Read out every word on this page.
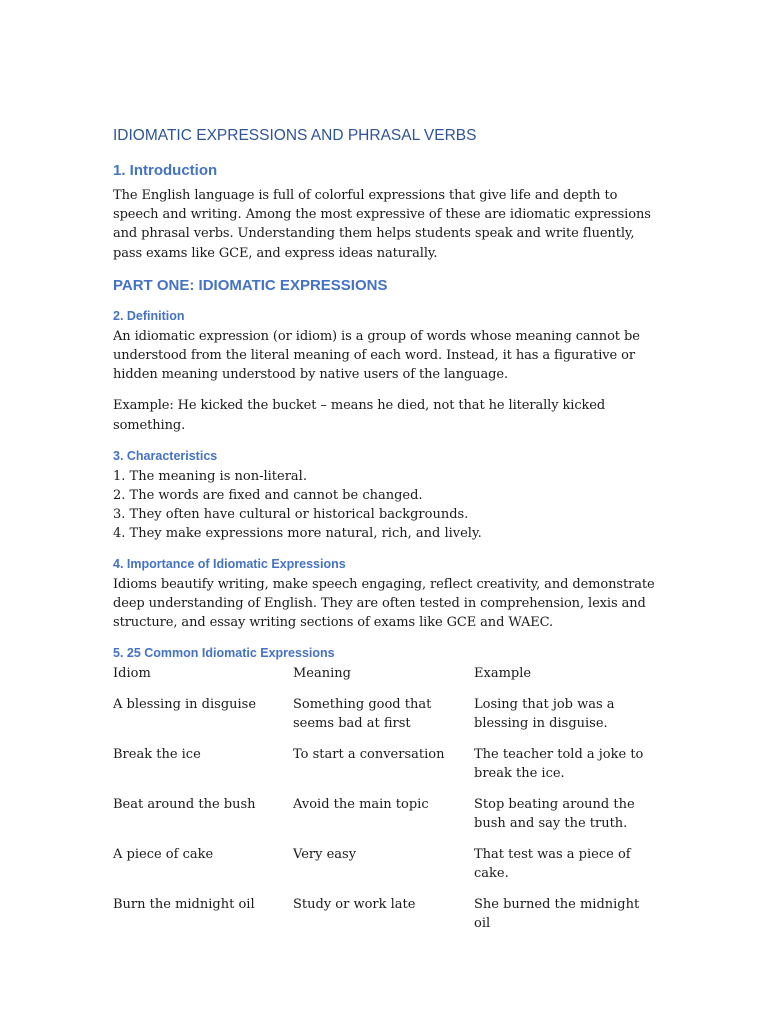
IDIOMATIC EXPRESSIONS AND PHRASAL VERBS
1. Introduction

The English language is full of colorful expressions that give life and depth to speech and writing. Among the most expressive of these are idiomatic expressions and phrasal verbs. Understanding them helps students speak and write fluently, pass exams like GCE, and express ideas naturally.

PART ONE: IDIOMATIC EXPRESSIONS
2. Definition

An idiomatic expression (or idiom) is a group of words whose meaning cannot be understood from the literal meaning of each word. Instead, it has a figurative or hidden meaning understood by native users of the language.

Example: He kicked the bucket – means he died, not that he literally kicked something.

3. Characteristics
1. The meaning is non-literal.
2. The words are fixed and cannot be changed.
3. They often have cultural or historical backgrounds.
4. They make expressions more natural, rich, and lively.
4. Importance of Idiomatic Expressions

Idioms beautify writing, make speech engaging, reflect creativity, and demonstrate deep understanding of English. They are often tested in comprehension, lexis and structure, and essay writing sections of exams like GCE and WAEC.

5. 25 Common Idiomatic Expressions
Idiom	Meaning	Example
A blessing in disguise	Something good that seems bad at first	Losing that job was a blessing in disguise.
Break the ice	To start a conversation	The teacher told a joke to break the ice.
Beat around the bush	Avoid the main topic	Stop beating around the bush and say the truth.
A piece of cake	Very easy	That test was a piece of cake.
Burn the midnight oil	Study or work late	She burned the midnight oil
